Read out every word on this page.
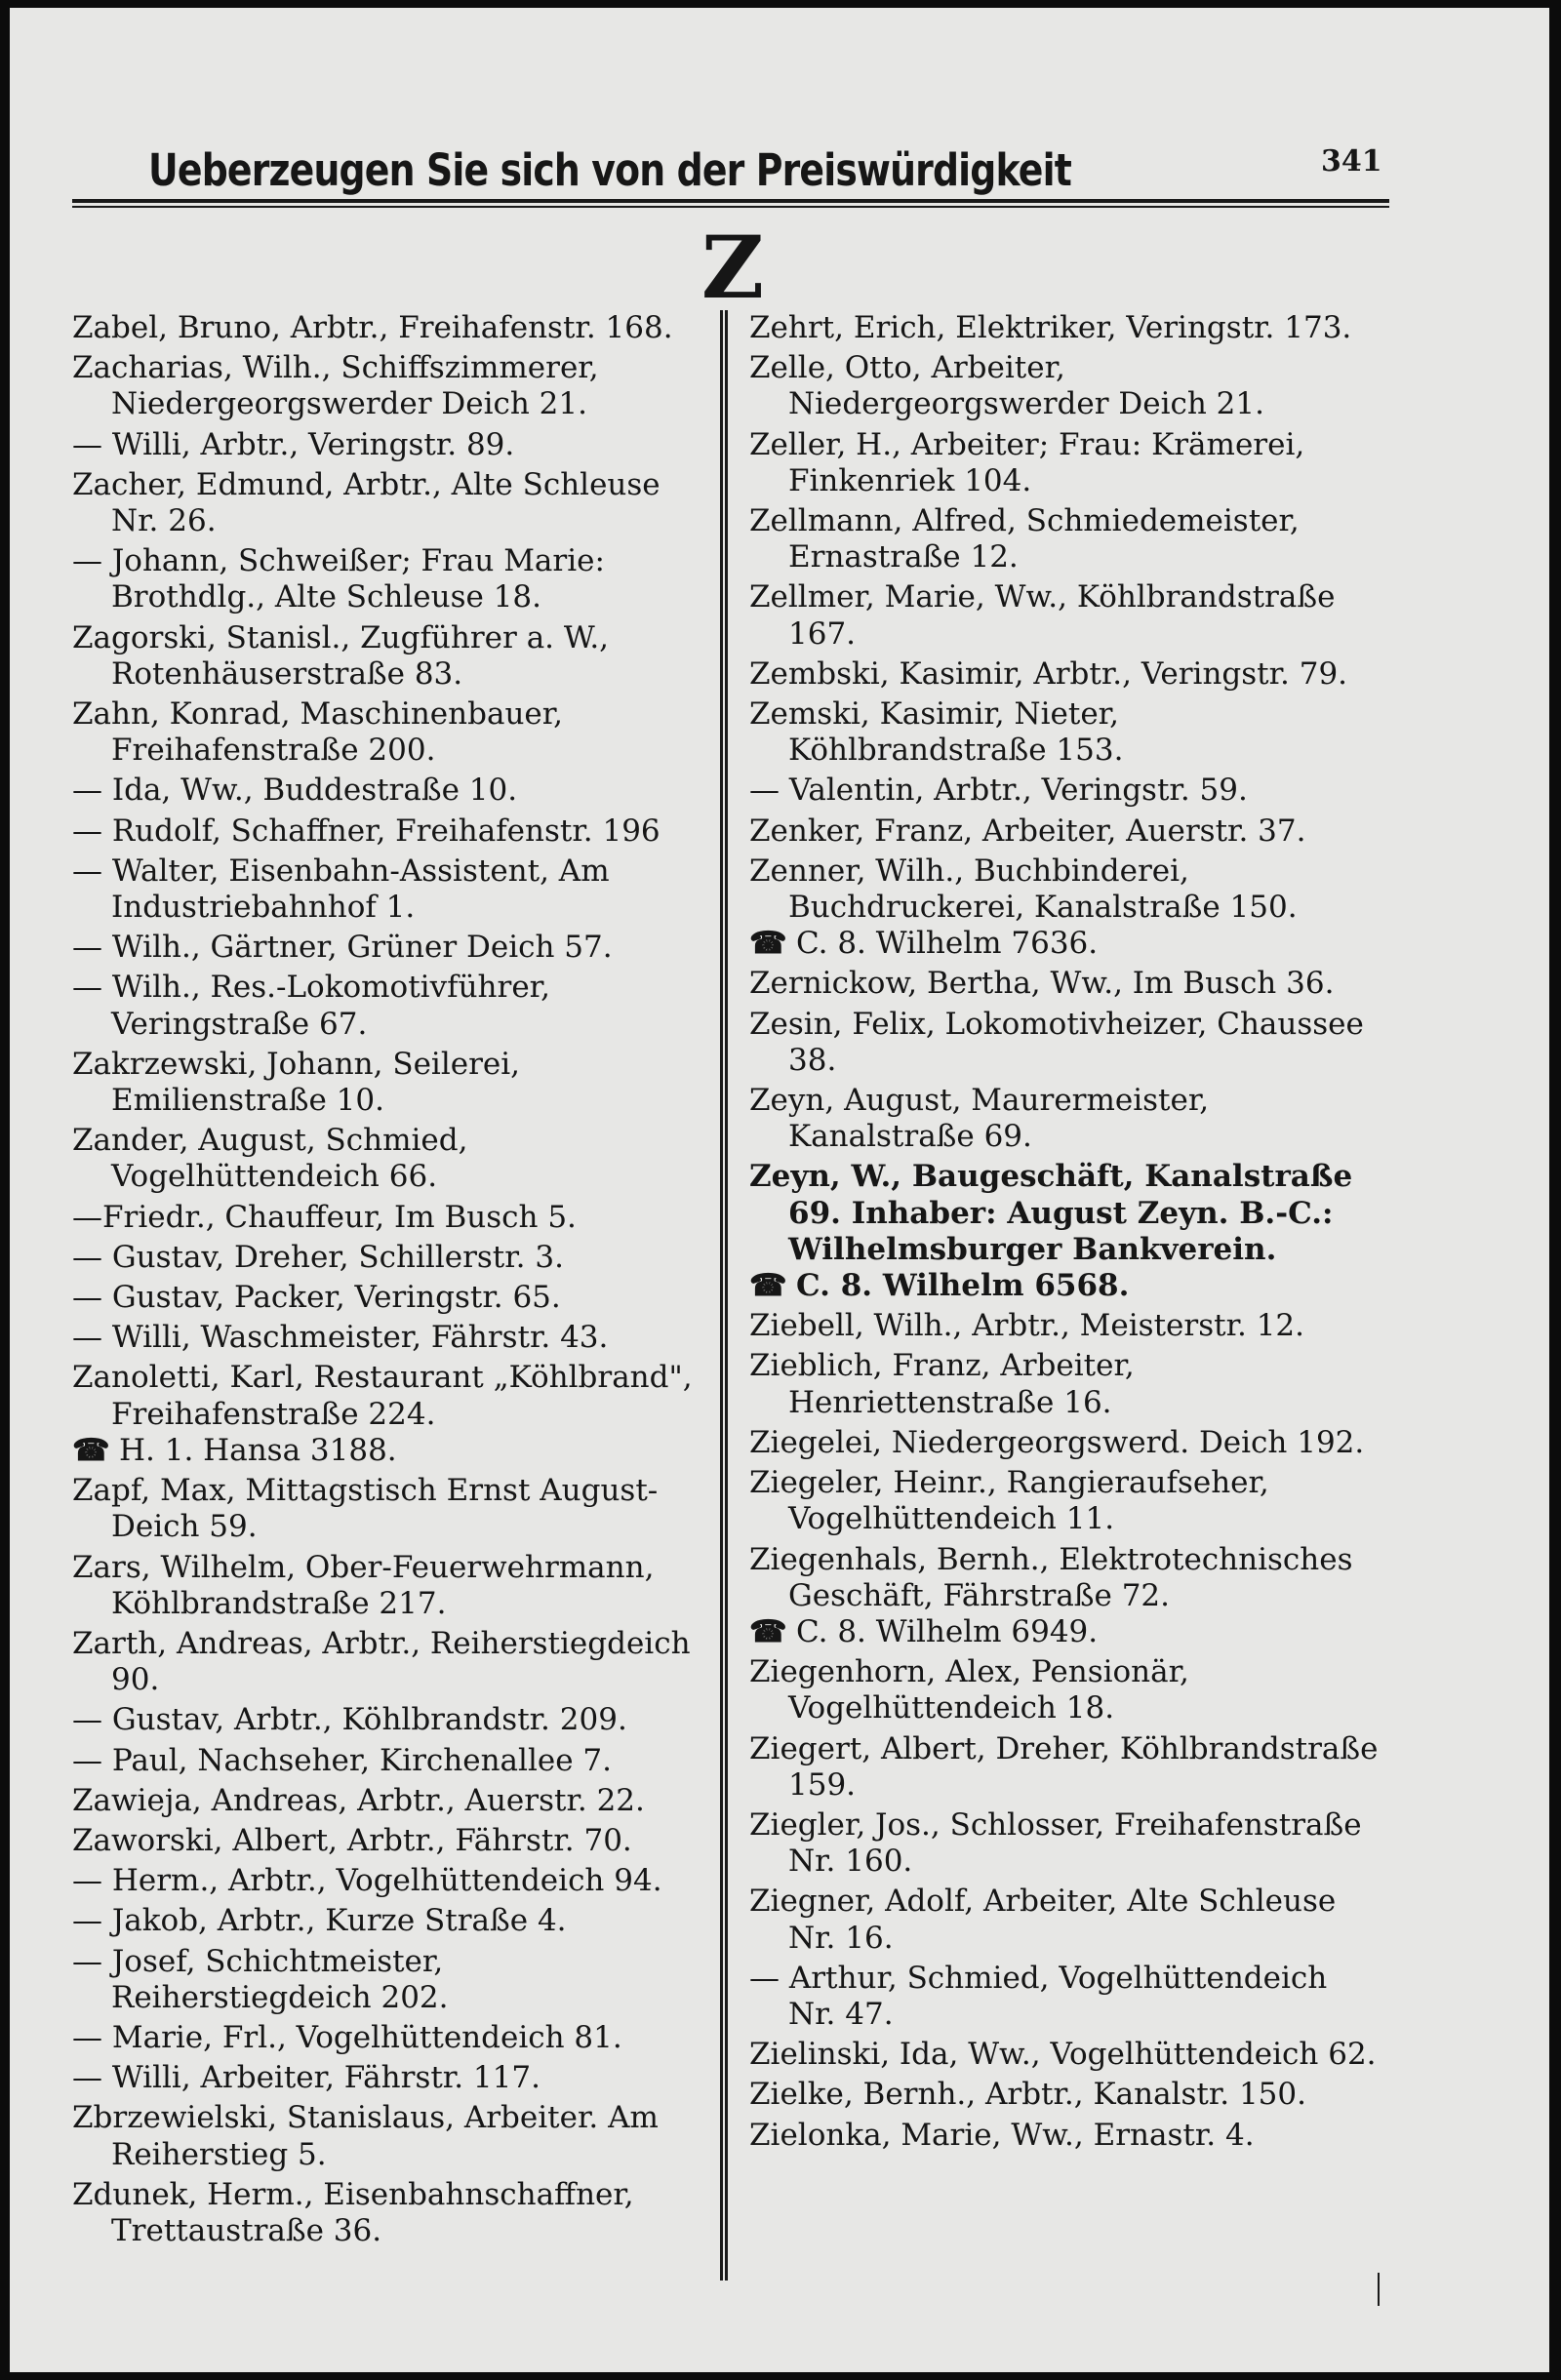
Ueberzeugen Sie sich von der Preiswürdigkeit	341
Z
Zabel, Bruno, Arbtr., Freihafenstr. 168.
Zacharias, Wilh., Schiffszimmerer, Niedergeorgswerder Deich 21.
— Willi, Arbtr., Veringstr. 89.
Zacher, Edmund, Arbtr., Alte Schleuse Nr. 26.
— Johann, Schweißer; Frau Marie: Brothdlg., Alte Schleuse 18.
Zagorski, Stanisl., Zugführer a. W., Rotenhäuserstraße 83.
Zahn, Konrad, Maschinenbauer, Freihafenstraße 200.
— Ida, Ww., Buddestraße 10.
— Rudolf, Schaffner, Freihafenstr. 196
— Walter, Eisenbahn-Assistent, Am Industriebahnhof 1.
— Wilh., Gärtner, Grüner Deich 57.
— Wilh., Res.-Lokomotivführer, Veringstraße 67.
Zakrzewski, Johann, Seilerei, Emilienstraße 10.
Zander, August, Schmied, Vogelhüttendeich 66.
—Friedr., Chauffeur, Im Busch 5.
— Gustav, Dreher, Schillerstr. 3.
— Gustav, Packer, Veringstr. 65.
— Willi, Waschmeister, Fährstr. 43.
Zanoletti, Karl, Restaurant „Köhlbrand", Freihafenstraße 224.
☎ H. 1. Hansa 3188.
Zapf, Max, Mittagstisch Ernst August-Deich 59.
Zars, Wilhelm, Ober-Feuerwehrmann, Köhlbrandstraße 217.
Zarth, Andreas, Arbtr., Reiherstiegdeich 90.
— Gustav, Arbtr., Köhlbrandstr. 209.
— Paul, Nachseher, Kirchenallee 7.
Zawieja, Andreas, Arbtr., Auerstr. 22.
Zaworski, Albert, Arbtr., Fährstr. 70.
— Herm., Arbtr., Vogelhüttendeich 94.
— Jakob, Arbtr., Kurze Straße 4.
— Josef, Schichtmeister, Reiherstiegdeich 202.
— Marie, Frl., Vogelhüttendeich 81.
— Willi, Arbeiter, Fährstr. 117.
Zbrzewielski, Stanislaus, Arbeiter. Am Reiherstieg 5.
Zdunek, Herm., Eisenbahnschaffner, Trettaustraße 36.
Zehrt, Erich, Elektriker, Veringstr. 173.
Zelle, Otto, Arbeiter, Niedergeorgswerder Deich 21.
Zeller, H., Arbeiter; Frau: Krämerei, Finkenriek 104.
Zellmann, Alfred, Schmiedemeister, Ernastraße 12.
Zellmer, Marie, Ww., Köhlbrandstraße 167.
Zembski, Kasimir, Arbtr., Veringstr. 79.
Zemski, Kasimir, Nieter, Köhlbrandstraße 153.
— Valentin, Arbtr., Veringstr. 59.
Zenker, Franz, Arbeiter, Auerstr. 37.
Zenner, Wilh., Buchbinderei, Buchdruckerei, Kanalstraße 150.
☎ C. 8. Wilhelm 7636.
Zernickow, Bertha, Ww., Im Busch 36.
Zesin, Felix, Lokomotivheizer, Chaussee 38.
Zeyn, August, Maurermeister, Kanalstraße 69.
Zeyn, W., Baugeschäft, Kanalstraße 69. Inhaber: August Zeyn. B.-C.: Wilhelmsburger Bankverein.
☎ C. 8. Wilhelm 6568.
Ziebell, Wilh., Arbtr., Meisterstr. 12.
Zieblich, Franz, Arbeiter, Henriettenstraße 16.
Ziegelei, Niedergeorgswerd. Deich 192.
Ziegeler, Heinr., Rangieraufseher, Vogelhüttendeich 11.
Ziegenhals, Bernh., Elektrotechnisches Geschäft, Fährstraße 72.
☎ C. 8. Wilhelm 6949.
Ziegenhorn, Alex, Pensionär, Vogelhüttendeich 18.
Ziegert, Albert, Dreher, Köhlbrandstraße 159.
Ziegler, Jos., Schlosser, Freihafenstraße Nr. 160.
Ziegner, Adolf, Arbeiter, Alte Schleuse Nr. 16.
— Arthur, Schmied, Vogelhüttendeich Nr. 47.
Zielinski, Ida, Ww., Vogelhüttendeich 62.
Zielke, Bernh., Arbtr., Kanalstr. 150.
Zielonka, Marie, Ww., Ernastr. 4.
